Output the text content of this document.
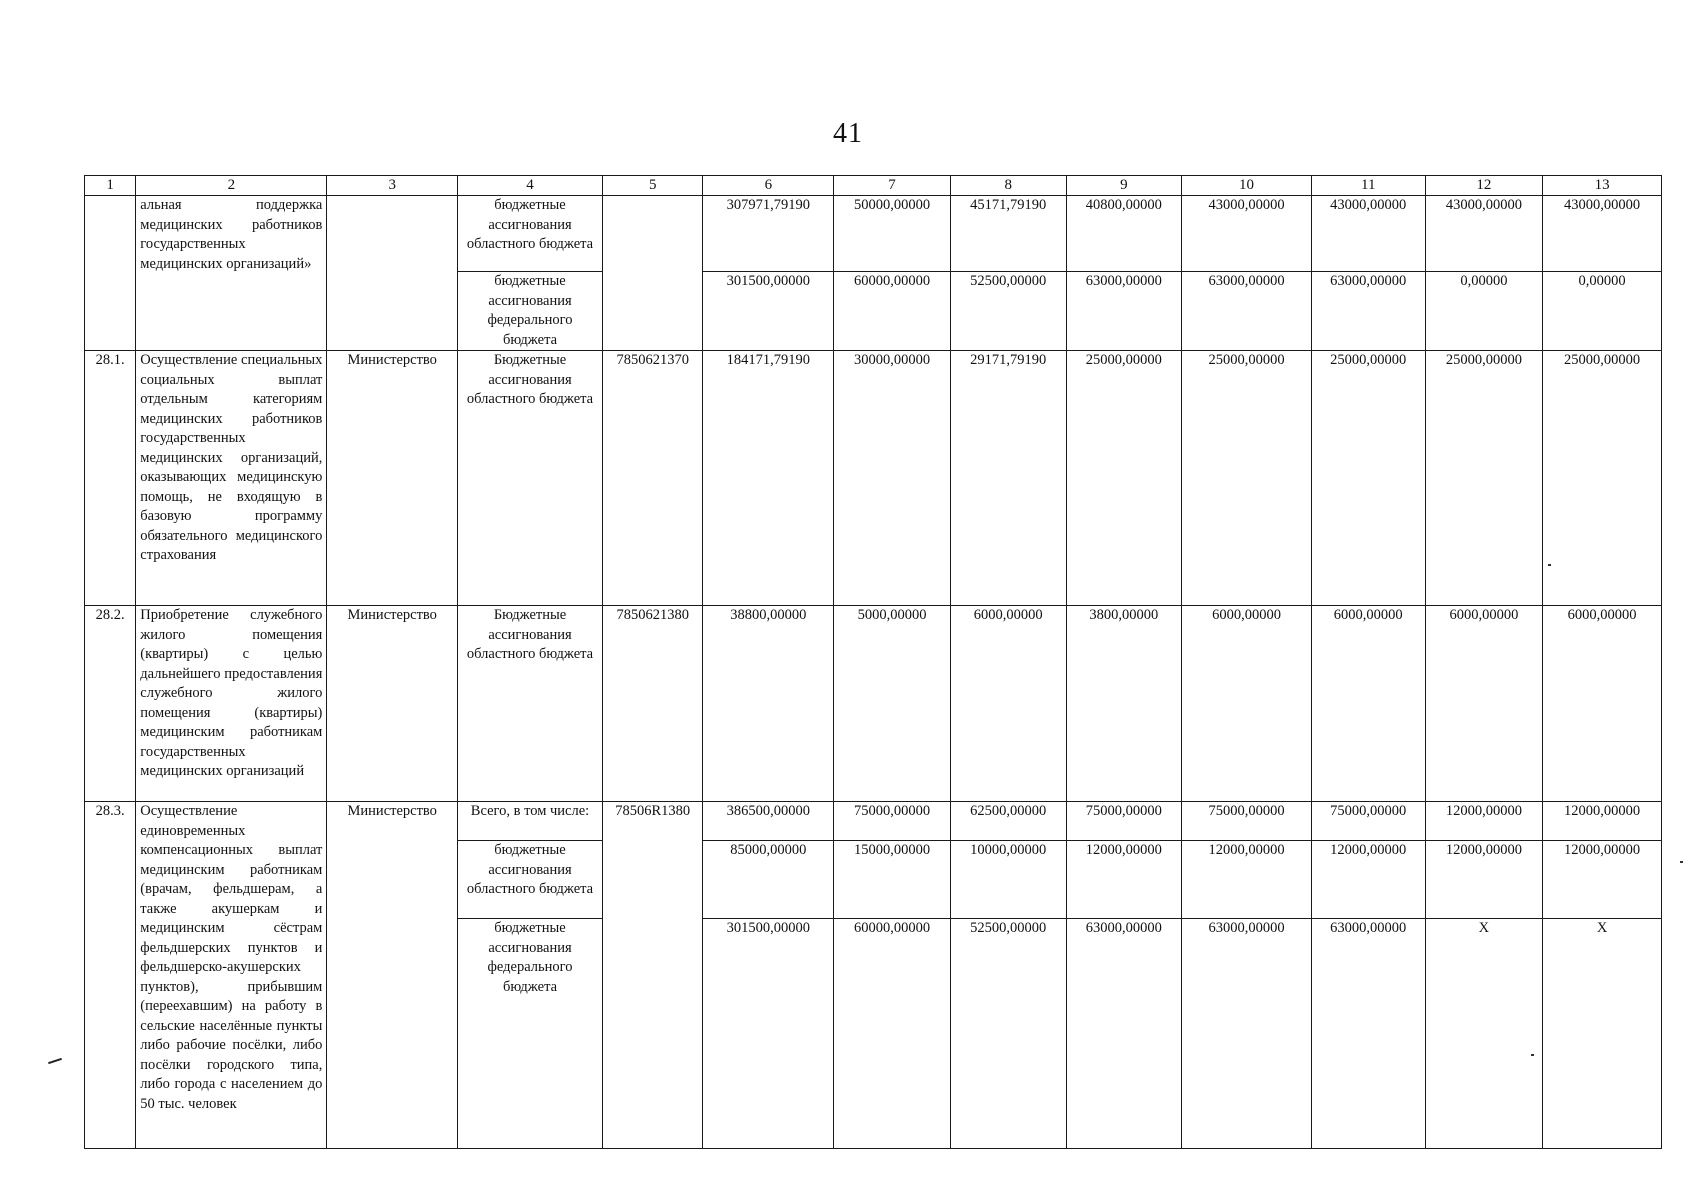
41
1	2	3	4	5	6	7	8	9	10	11	12	13
	альная поддержка медицинских работников государственных медицинских организаций»		бюджетные ассигнования областного бюджета		307971,79190	50000,00000	45171,79190	40800,00000	43000,00000	43000,00000	43000,00000	43000,00000
			бюджетные ассигнования федерального бюджета		301500,00000	60000,00000	52500,00000	63000,00000	63000,00000	63000,00000	0,00000	0,00000
28.1.	Осуществление специальных социальных выплат отдельным категориям медицинских работников государственных медицинских организаций, оказывающих медицинскую помощь, не входящую в базовую программу обязательного медицинского страхования	Министерство	Бюджетные ассигнования областного бюджета	7850621370	184171,79190	30000,00000	29171,79190	25000,00000	25000,00000	25000,00000	25000,00000	25000,00000
28.2.	Приобретение служебного жилого помещения (квартиры) с целью дальнейшего предоставления служебного жилого помещения (квартиры) медицинским работникам государственных медицинских организаций	Министерство	Бюджетные ассигнования областного бюджета	7850621380	38800,00000	5000,00000	6000,00000	3800,00000	6000,00000	6000,00000	6000,00000	6000,00000
28.3.	Осуществление единовременных компенсационных выплат медицинским работникам (врачам, фельдшерам, а также акушеркам и медицинским сёстрам фельдшерских пунктов и фельдшерско-акушерских пунктов), прибывшим (переехавшим) на работу в сельские населённые пункты либо рабочие посёлки, либо посёлки городского типа, либо города с населением до 50 тыс. человек	Министерство	Всего, в том числе:	78506R1380	386500,00000	75000,00000	62500,00000	75000,00000	75000,00000	75000,00000	12000,00000	12000,00000
			бюджетные ассигнования областного бюджета		85000,00000	15000,00000	10000,00000	12000,00000	12000,00000	12000,00000	12000,00000	12000,00000
			бюджетные ассигнования федерального бюджета		301500,00000	60000,00000	52500,00000	63000,00000	63000,00000	63000,00000	Х	Х
